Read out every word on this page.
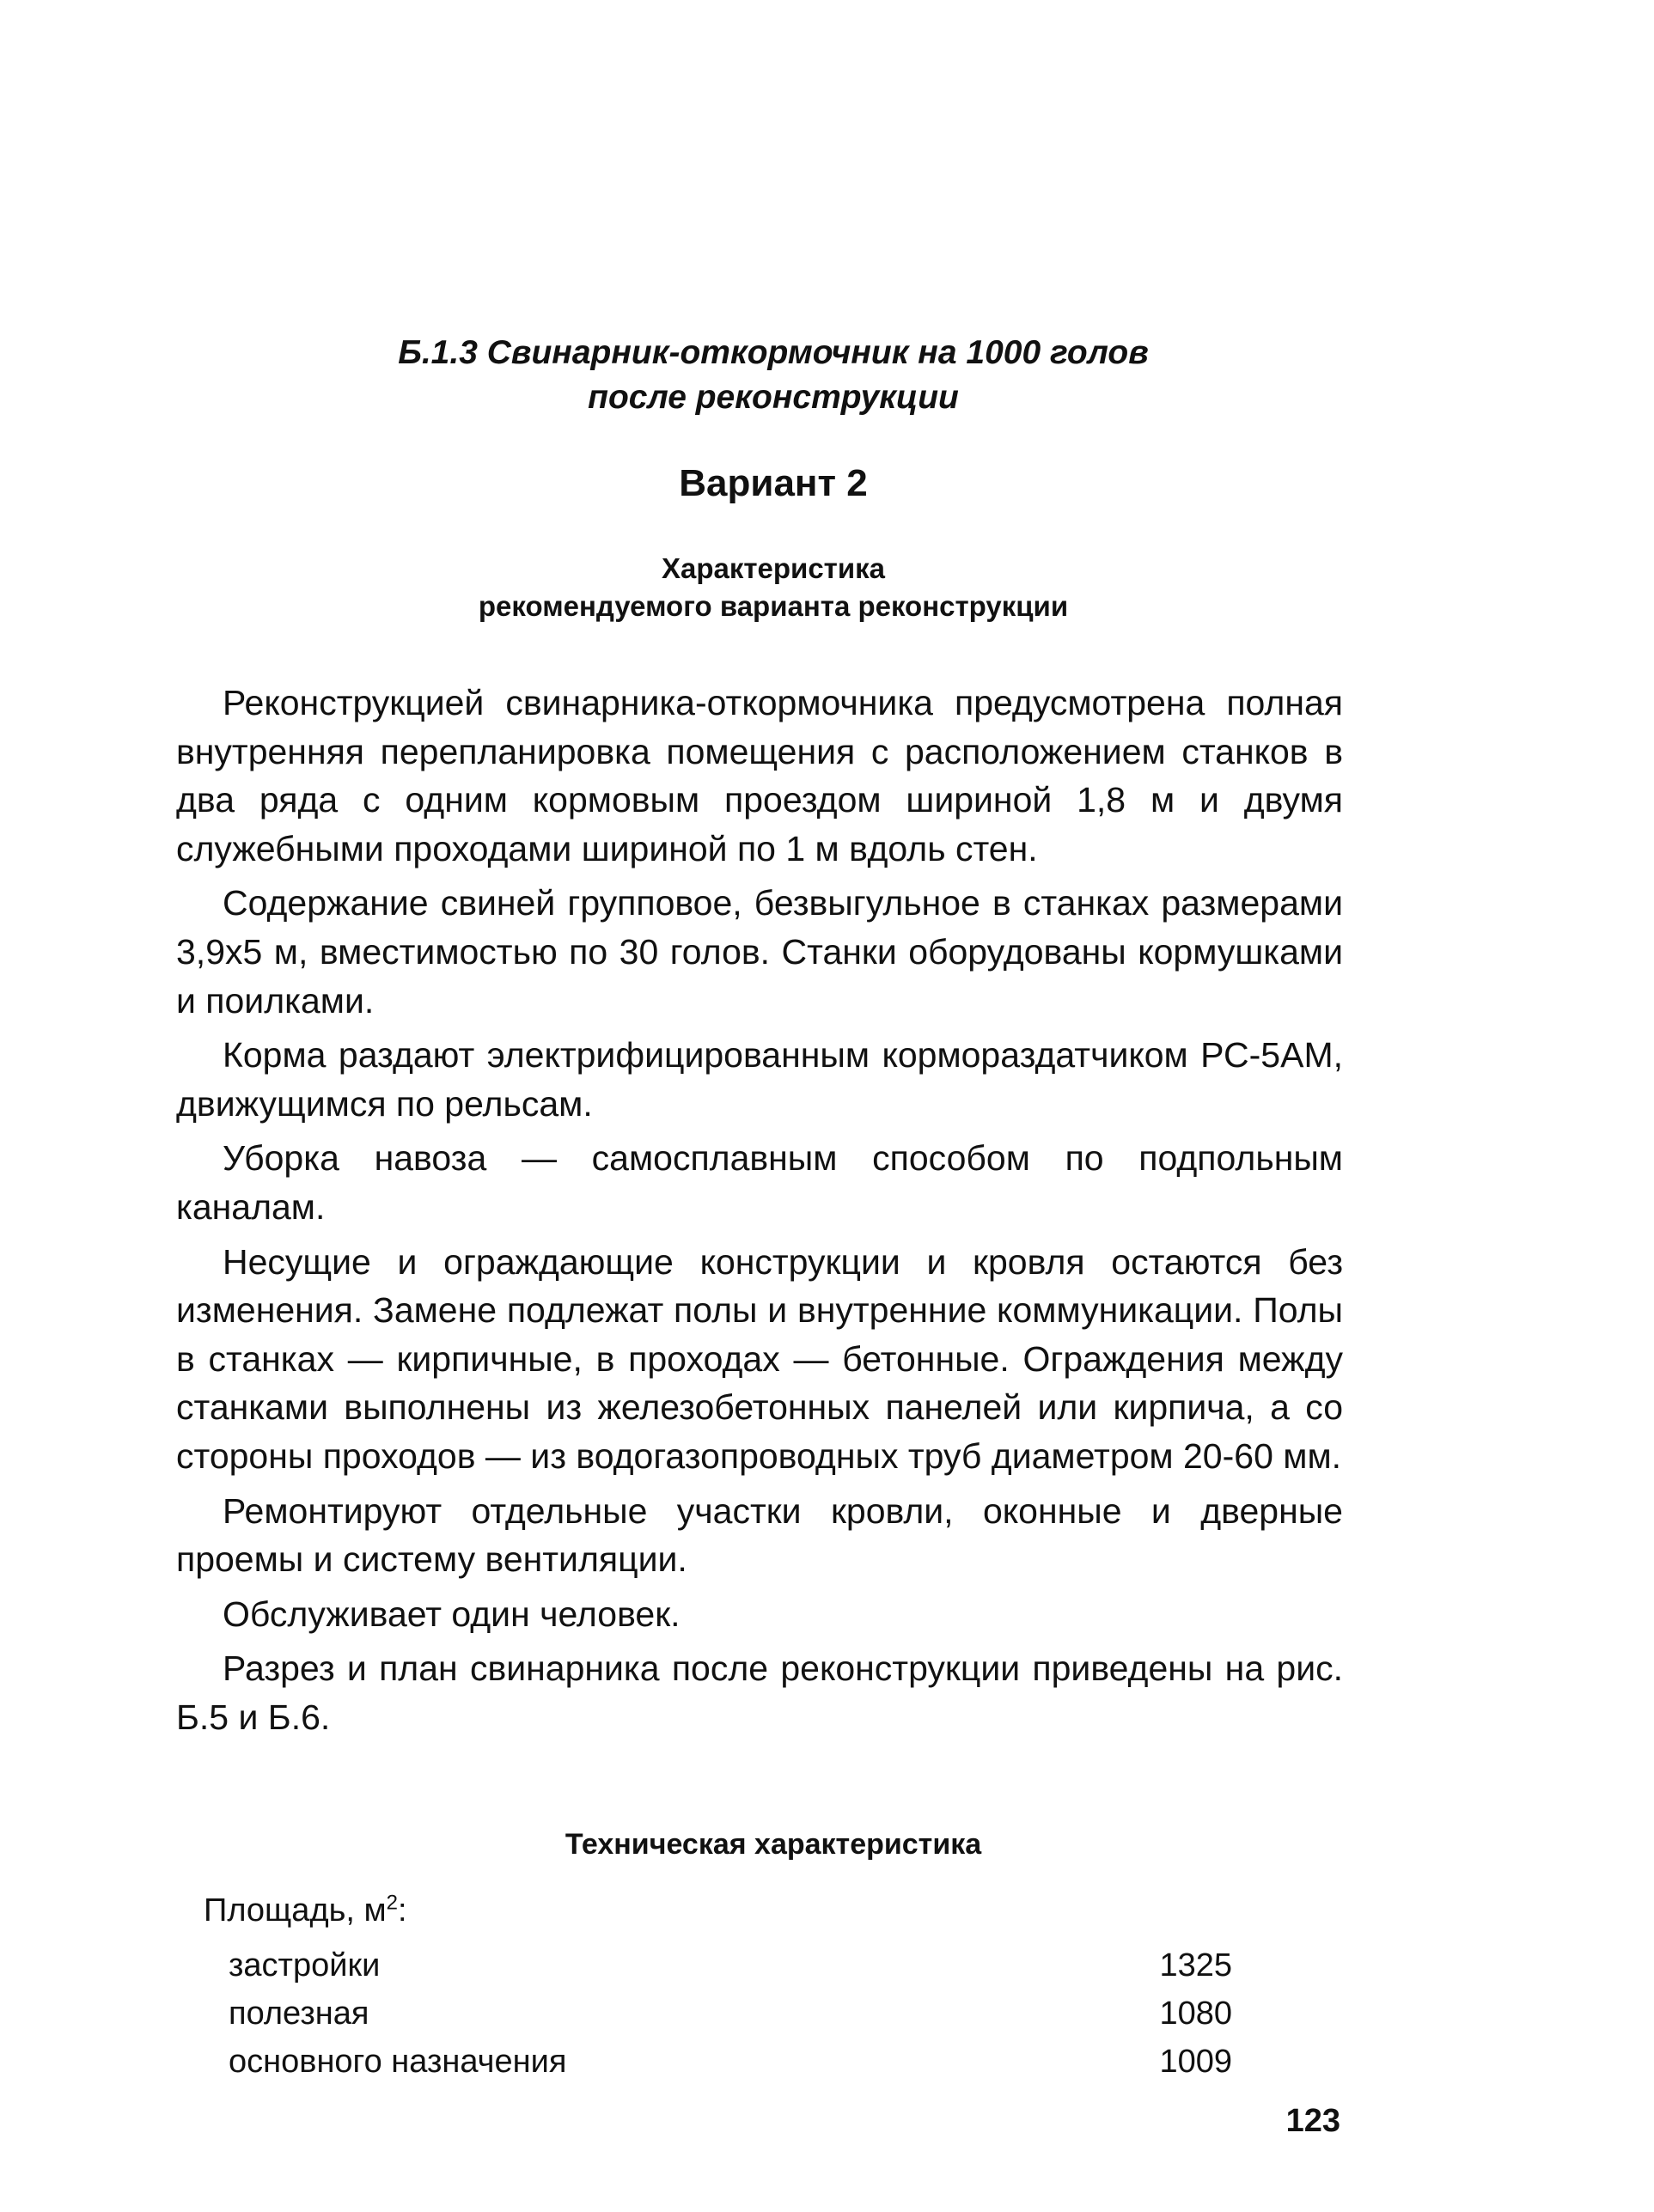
Б.1.3 Свинарник-откормочник на 1000 голов
после реконструкции
Вариант 2
Характеристика
рекомендуемого варианта реконструкции

Реконструкцией свинарника-откормочника предусмотрена полная внутренняя перепланировка помещения с расположением станков в два ряда с одним кормовым проездом шириной 1,8 м и двумя служебными проходами шириной по 1 м вдоль стен.

Содержание свиней групповое, безвыгульное в станках размерами 3,9х5 м, вместимостью по 30 голов. Станки оборудованы кормушками и поилками.

Корма раздают электрифицированным кормораздатчиком РС-5АМ, движущимся по рельсам.

Уборка навоза — самосплавным способом по подпольным каналам.

Несущие и ограждающие конструкции и кровля остаются без изменения. Замене подлежат полы и внутренние коммуникации. Полы в станках — кирпичные, в проходах — бетонные. Ограждения между станками выполнены из железобетонных панелей или кирпича, а со стороны проходов — из водогазопроводных труб диаметром 20-60 мм.

Ремонтируют отдельные участки кровли, оконные и дверные проемы и систему вентиляции.

Обслуживает один человек.

Разрез и план свинарника после реконструкции приведены на рис. Б.5 и Б.6.

Техническая характеристика
Площадь, $м^2$:
застройки	1325
полезная	1080
основного назначения	1009
123
